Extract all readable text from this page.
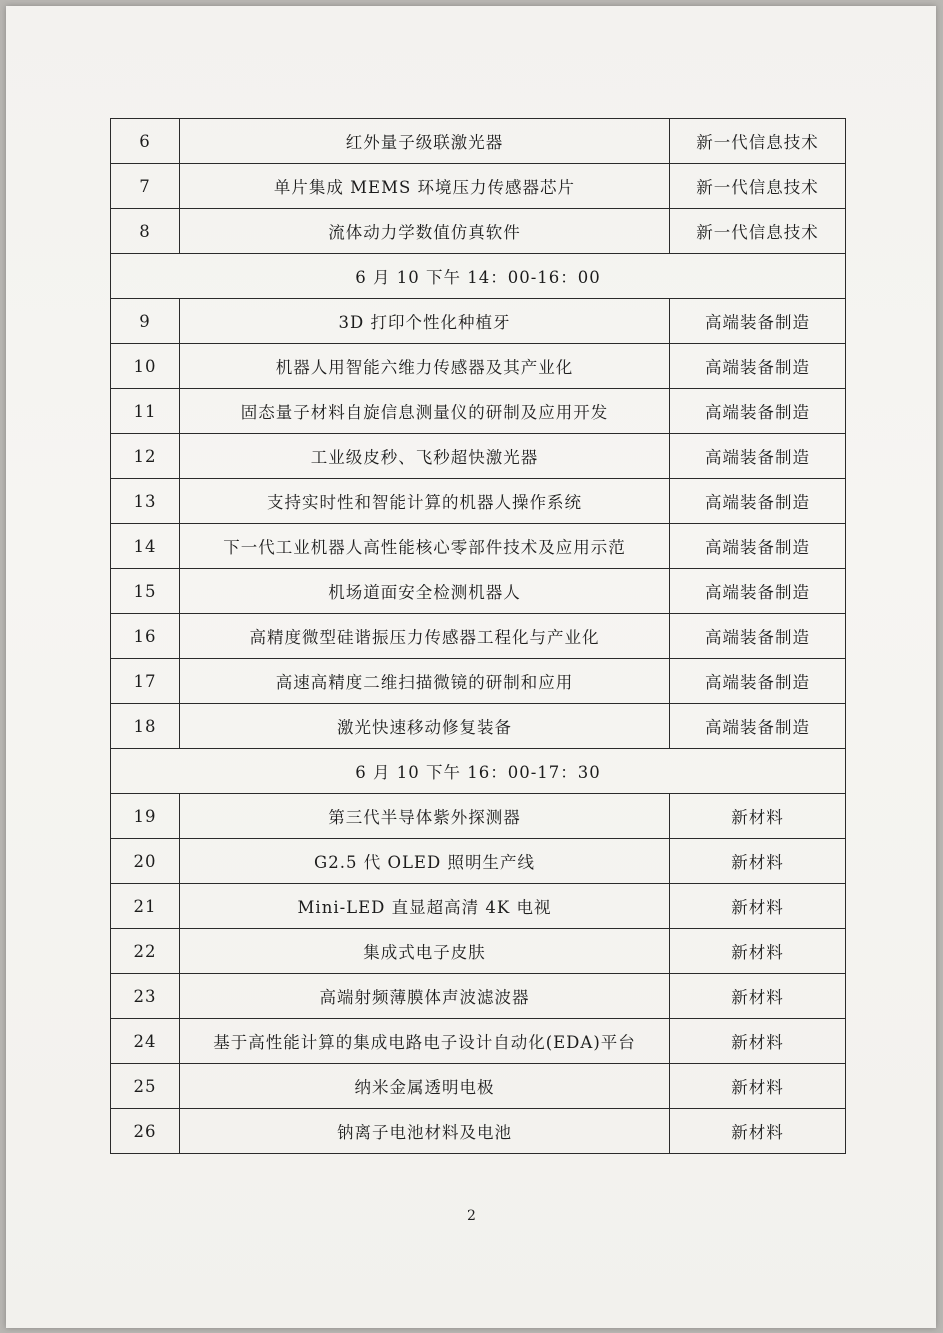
6	红外量子级联激光器	新一代信息技术
7	单片集成 MEMS 环境压力传感器芯片	新一代信息技术
8	流体动力学数值仿真软件	新一代信息技术
6 月 10 下午 14：00-16：00		
9	3D 打印个性化种植牙	高端装备制造
10	机器人用智能六维力传感器及其产业化	高端装备制造
11	固态量子材料自旋信息测量仪的研制及应用开发	高端装备制造
12	工业级皮秒、飞秒超快激光器	高端装备制造
13	支持实时性和智能计算的机器人操作系统	高端装备制造
14	下一代工业机器人高性能核心零部件技术及应用示范	高端装备制造
15	机场道面安全检测机器人	高端装备制造
16	高精度微型硅谐振压力传感器工程化与产业化	高端装备制造
17	高速高精度二维扫描微镜的研制和应用	高端装备制造
18	激光快速移动修复装备	高端装备制造
6 月 10 下午 16：00-17：30		
19	第三代半导体紫外探测器	新材料
20	G2.5 代 OLED 照明生产线	新材料
21	Mini-LED 直显超高清 4K 电视	新材料
22	集成式电子皮肤	新材料
23	高端射频薄膜体声波滤波器	新材料
24	基于高性能计算的集成电路电子设计自动化(EDA)平台	新材料
25	纳米金属透明电极	新材料
26	钠离子电池材料及电池	新材料
2
